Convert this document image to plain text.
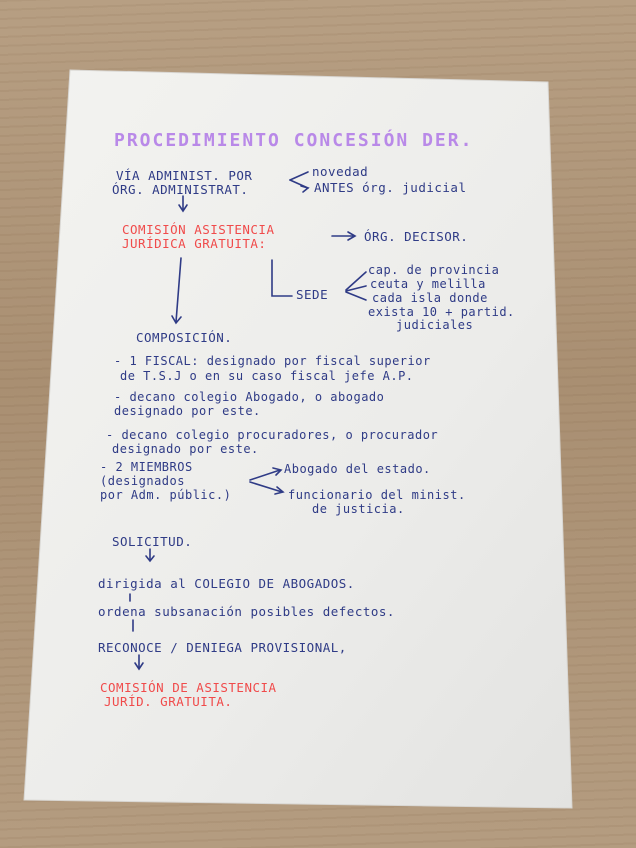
PROCEDIMIENTO CONCESIÓN DER.
VÍA ADMINIST. POR
ÓRG. ADMINISTRAT.
novedad
ANTES órg. judicial
COMISIÓN ASISTENCIA
JURÍDICA GRATUITA:	ÓRG. DECISOR.
SEDE
cap. de provincia
ceuta y melilla
cada isla donde
exista 10 + partid.
judiciales
COMPOSICIÓN.
- 1 FISCAL: designado por fiscal superior
de T.S.J o en su caso fiscal jefe A.P.
- decano colegio Abogado, o abogado
designado por este.
- decano colegio procuradores, o procurador
designado por este.
- 2 MIEMBROS
(designados
por Adm. públic.)
Abogado del estado.
funcionario del minist.
de justicia.
SOLICITUD.
dirigida al COLEGIO DE ABOGADOS.
ordena subsanación posibles defectos.
RECONOCE / DENIEGA PROVISIONAL,
COMISIÓN DE ASISTENCIA
JURÍD. GRATUITA.
